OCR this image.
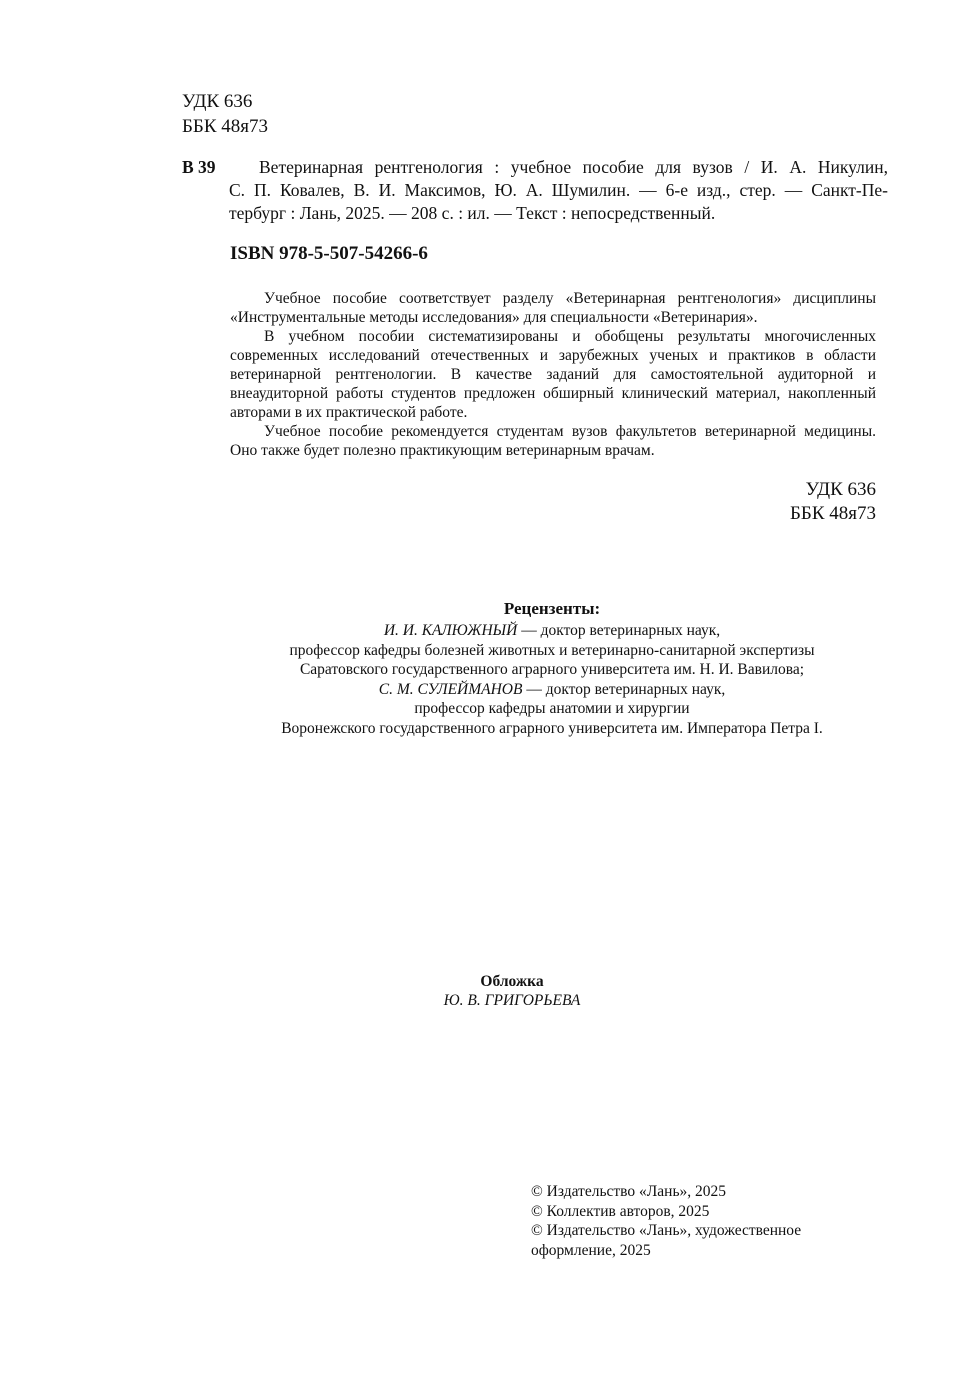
УДК 636
ББК 48я73
В 39	Ветеринарная рентгенология : учебное пособие для вузов / И. А. Никулин,
С. П. Ковалев, В. И. Максимов, Ю. А. Шумилин. — 6-е изд., стер. — Санкт-Пе-
тербург : Лань, 2025. — 208 с. : ил. — Текст : непосредственный.
ISBN 978-5-507-54266-6

Учебное пособие соответствует разделу «Ветеринарная рентгенология» дисциплины «Инструментальные методы исследования» для специальности «Ветеринария».

В учебном пособии систематизированы и обобщены результаты многочисленных современных исследований отечественных и зарубежных ученых и практиков в области ветеринарной рентгенологии. В качестве заданий для самостоятельной аудиторной и внеаудиторной работы студентов предложен обширный клинический материал, накопленный авторами в их практической работе.

Учебное пособие рекомендуется студентам вузов факультетов ветеринарной медицины. Оно также будет полезно практикующим ветеринарным врачам.

УДК 636
ББК 48я73
Рецензенты:
И. И. КАЛЮЖНЫЙ — доктор ветеринарных наук,
профессор кафедры болезней животных и ветеринарно-санитарной экспертизы
Саратовского государственного аграрного университета им. Н. И. Вавилова;
С. М. СУЛЕЙМАНОВ — доктор ветеринарных наук,
профессор кафедры анатомии и хирургии
Воронежского государственного аграрного университета им. Императора Петра I.
Обложка
Ю. В. ГРИГОРЬЕВА
© Издательство «Лань», 2025
© Коллектив авторов, 2025
© Издательство «Лань», художественное оформление, 2025
